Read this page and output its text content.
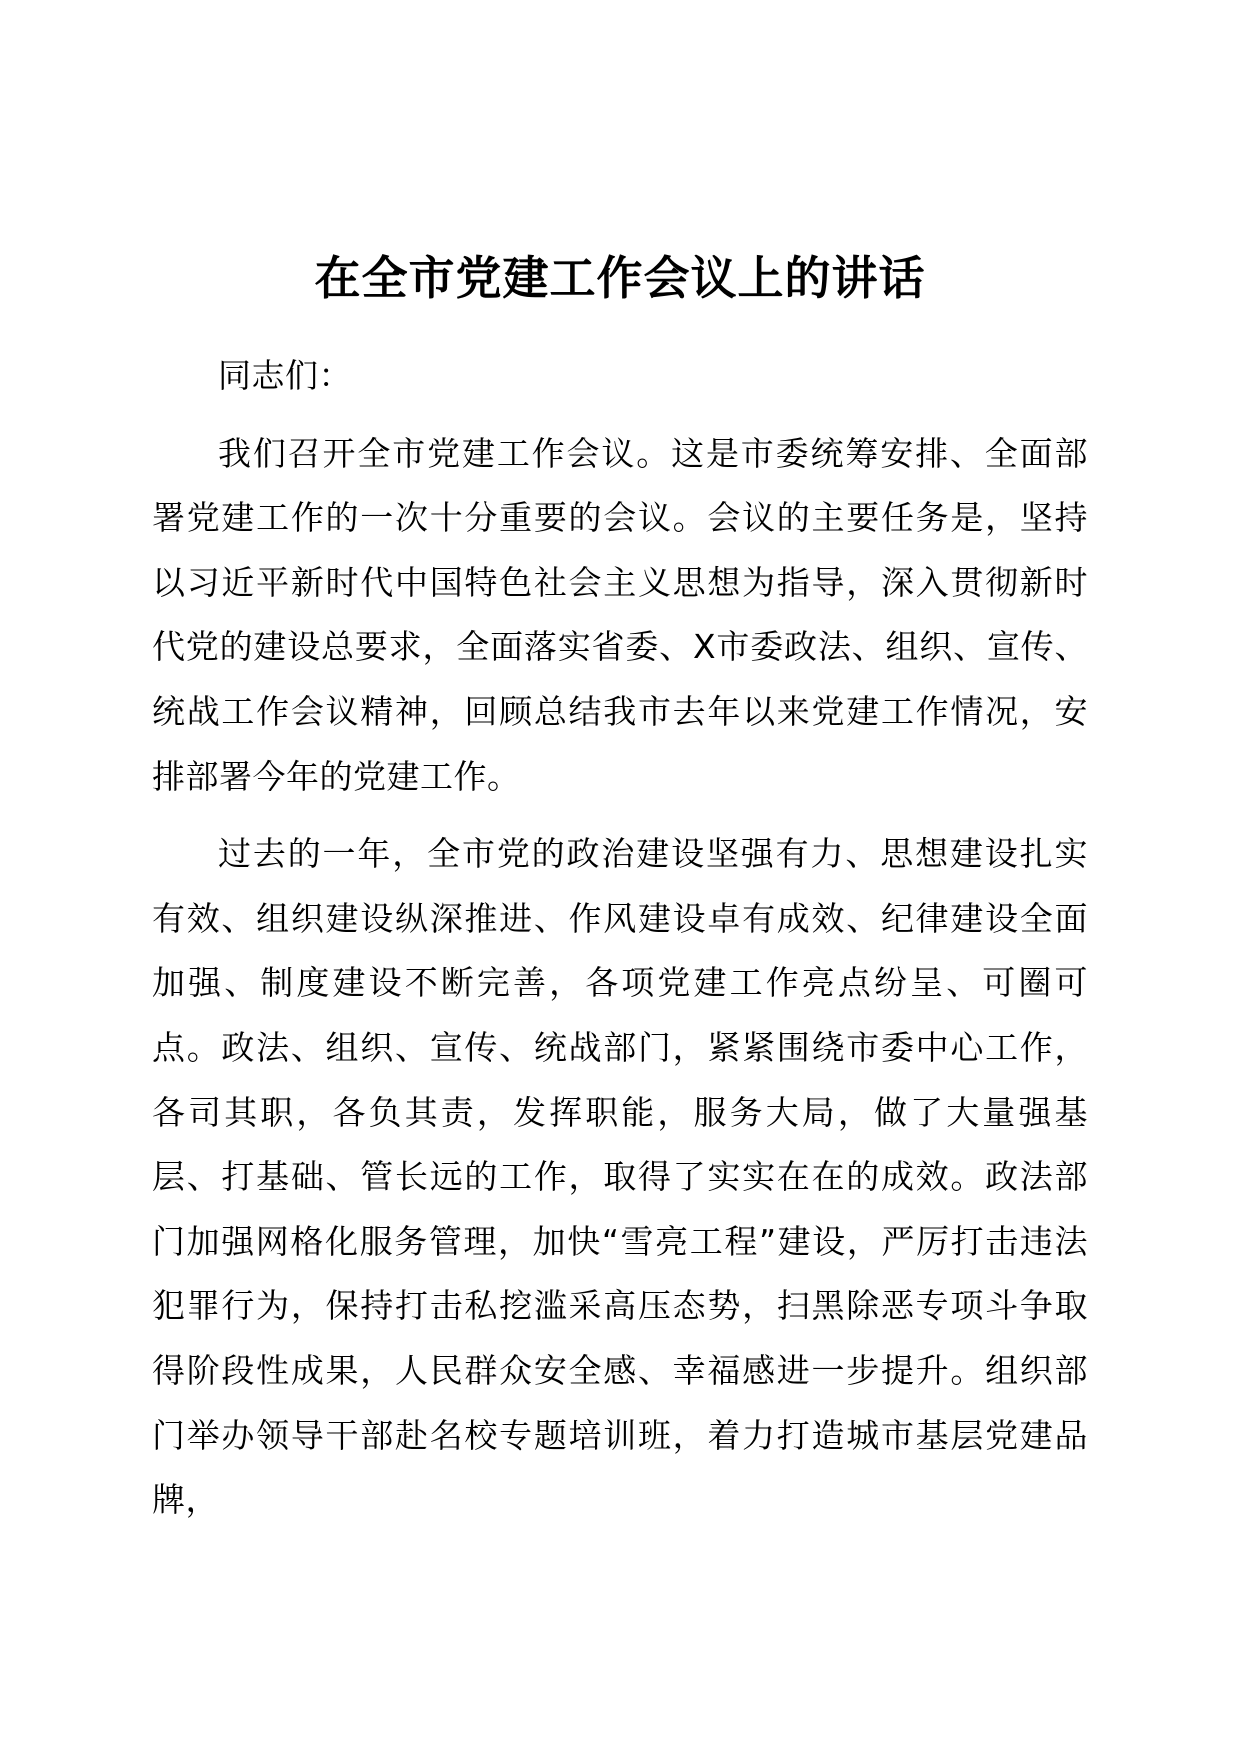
在全市党建工作会议上的讲话

同志们：

我们召开全市党建工作会议。这是市委统筹安排、全面部署党建工作的一次十分重要的会议。会议的主要任务是，坚持以习近平新时代中国特色社会主义思想为指导，深入贯彻新时代党的建设总要求，全面落实省委、X市委政法、组织、宣传、统战工作会议精神，回顾总结我市去年以来党建工作情况，安排部署今年的党建工作。

过去的一年，全市党的政治建设坚强有力、思想建设扎实有效、组织建设纵深推进、作风建设卓有成效、纪律建设全面加强、制度建设不断完善，各项党建工作亮点纷呈、可圈可点。政法、组织、宣传、统战部门，紧紧围绕市委中心工作，各司其职，各负其责，发挥职能，服务大局，做了大量强基层、打基础、管长远的工作，取得了实实在在的成效。政法部门加强网格化服务管理，加快“雪亮工程”建设，严厉打击违法犯罪行为，保持打击私挖滥采高压态势，扫黑除恶专项斗争取得阶段性成果，人民群众安全感、幸福感进一步提升。组织部门举办领导干部赴名校专题培训班，着力打造城市基层党建品牌，
